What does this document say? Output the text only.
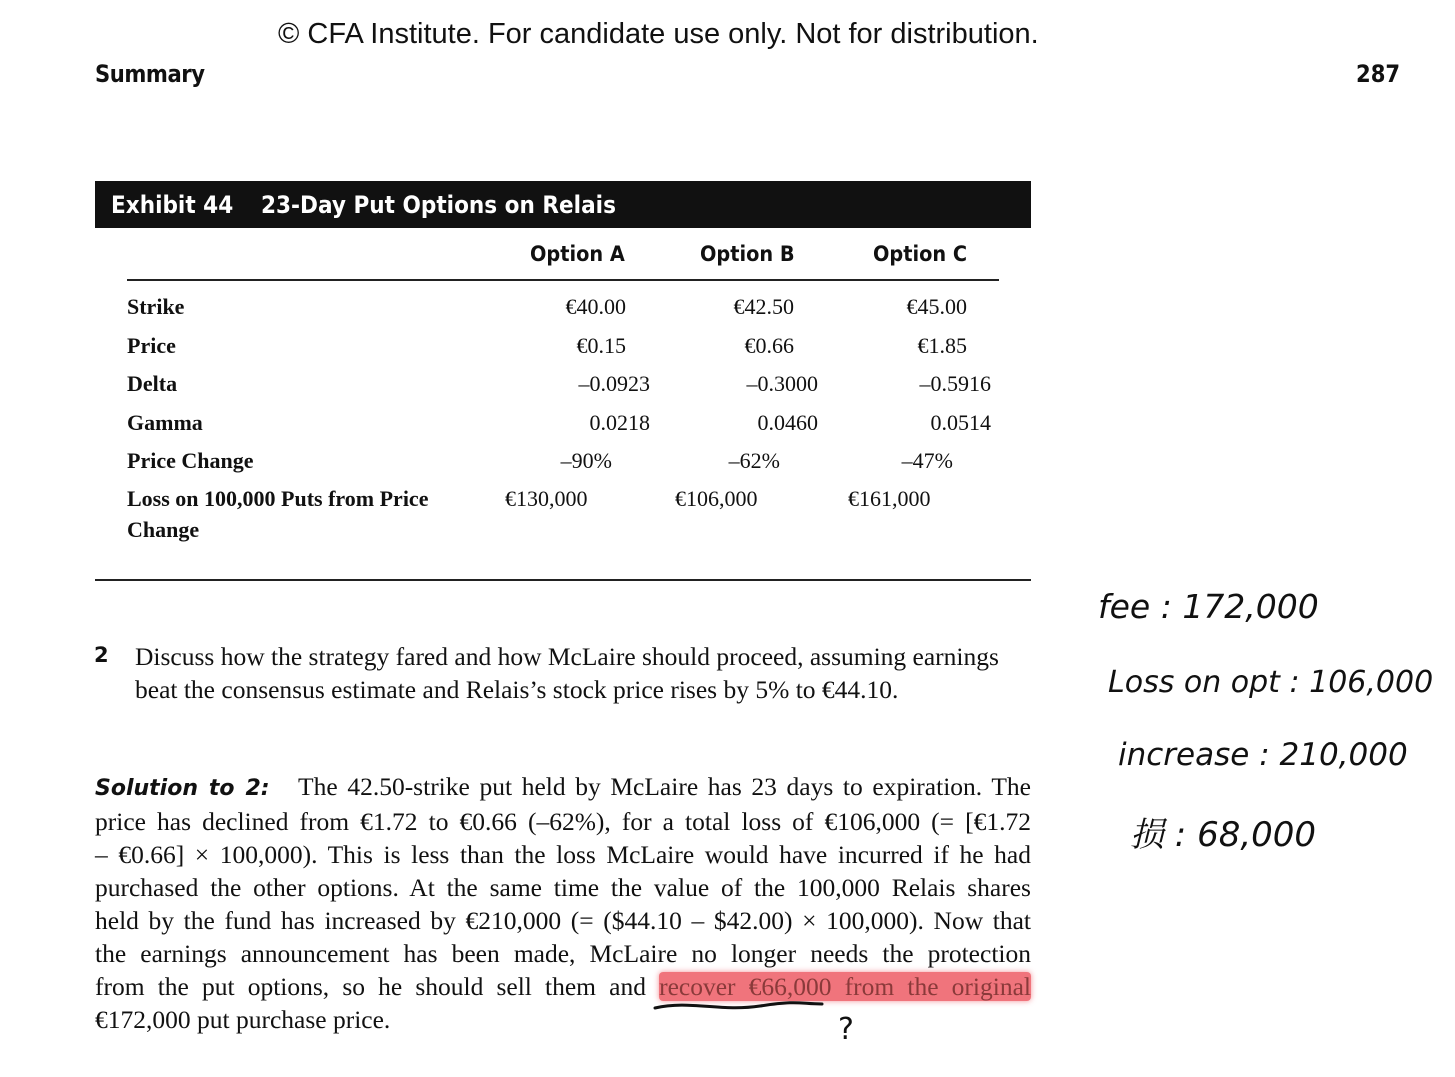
© CFA Institute. For candidate use only. Not for distribution.
Summary	287
Exhibit 44 23-Day Put Options on Relais
Option A	Option B	Option C
Strike	€40.00	€42.50	€45.00
Price	€0.15	€0.66	€1.85
Delta	–0.0923	–0.3000	–0.5916
Gamma	0.0218	0.0460	0.0514
Price Change	–90%	–62%	–47%
Loss on 100,000 Puts from Price
Change
€130,000	€106,000	€161,000
2 Discuss how the strategy fared and how McLaire should proceed, assuming earnings beat the consensus estimate and Relais’s stock price rises by 5% to €44.10.
Solution to 2: The 42.50-strike put held by McLaire has 23 days to expiration. The
price has declined from €1.72 to €0.66 (–62%), for a total loss of €106,000 (= [€1.72
– €0.66] × 100,000). This is less than the loss McLaire would have incurred if he had
purchased the other options. At the same time the value of the 100,000 Relais shares
held by the fund has increased by €210,000 (= ($44.10 – $42.00) × 100,000). Now that
the earnings announcement has been made, McLaire no longer needs the protection
from the put options, so he should sell them and recover €66,000 from the original
€172,000 put purchase price.	?
fee : 172,000
Loss on opt : 106,000
increase : 210,000
损 : 68,000
